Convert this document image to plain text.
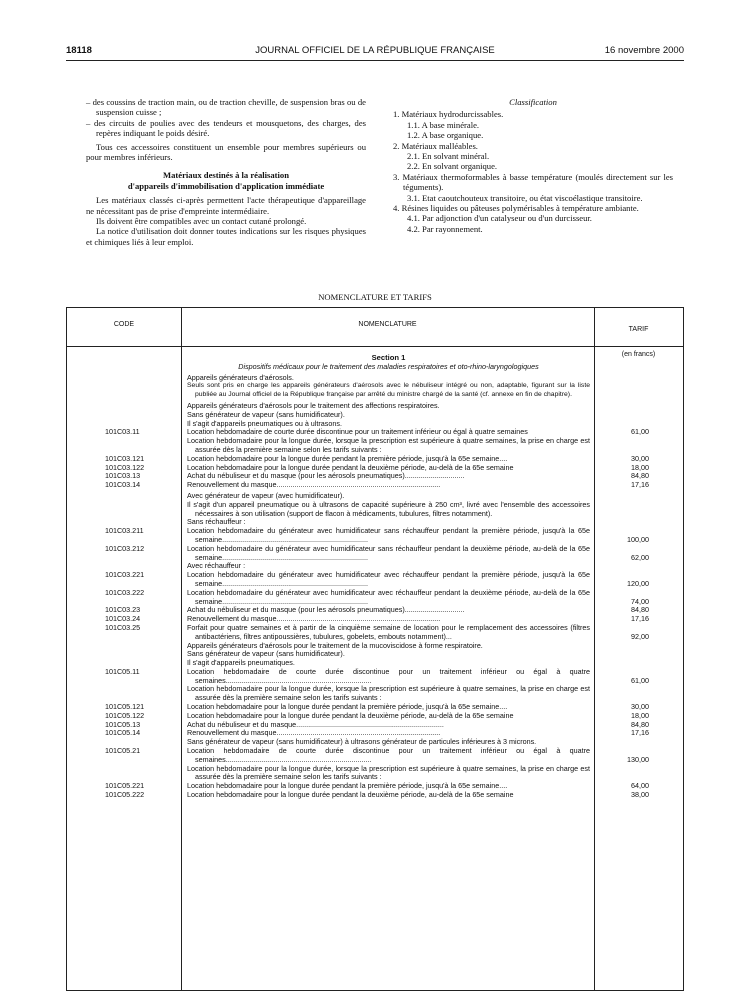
18118	JOURNAL OFFICIEL DE LA RÉPUBLIQUE FRANÇAISE	16 novembre 2000

– des coussins de traction main, ou de traction cheville, de suspension bras ou de suspension cuisse ;

– des circuits de poulies avec des tendeurs et mousquetons, des charges, des repères indiquant le poids désiré.

Tous ces accessoires constituent un ensemble pour membres supérieurs ou pour membres inférieurs.

Matériaux destinés à la réalisation
d'appareils d'immobilisation d'application immédiate

Les matériaux classés ci-après permettent l'acte thérapeutique d'appareillage ne nécessitant pas de prise d'empreinte intermédiaire.

Ils doivent être compatibles avec un contact cutané prolongé.

La notice d'utilisation doit donner toutes indications sur les risques physiques et chimiques liés à leur emploi.

Classification

1. Matériaux hydrodurcissables.

1.1. A base minérale.

1.2. A base organique.

2. Matériaux malléables.

2.1. En solvant minéral.

2.2. En solvant organique.

3. Matériaux thermoformables à basse température (moulés directement sur les téguments).

3.1. Etat caoutchouteux transitoire, ou état viscoélastique transitoire.

4. Résines liquides ou pâteuses polymérisables à température ambiante.

4.1. Par adjonction d'un catalyseur ou d'un durcisseur.

4.2. Par rayonnement.

NOMENCLATURE ET TARIFS
CODE	NOMENCLATURE
TARIF

(en francs)
Section 1
Dispositifs médicaux pour le traitement des maladies respiratoires et oto-rhino-laryngologiques
Appareils générateurs d'aérosols.
Seuls sont pris en charge les appareils générateurs d'aérosols avec le nébuliseur intégré ou non, adaptable, figurant sur la liste publiée au Journal officiel de la République française par arrêté du ministre chargé de la santé (cf. annexe en fin de chapitre).
Appareils générateurs d'aérosols pour le traitement des affections respiratoires.
Sans générateur de vapeur (sans humidificateur).
Il s'agit d'appareils pneumatiques ou à ultrasons.
101C03.11	Location hebdomadaire de courte durée discontinue pour un traitement inférieur ou égal à quatre semaines	61,00
Location hebdomadaire pour la longue durée, lorsque la prescription est supérieure à quatre semaines, la prise en charge est assurée dès la première semaine selon les tarifs suivants :
101C03.121	Location hebdomadaire pour la longue durée pendant la première période, jusqu'à la 65e semaine....	30,00
101C03.122	Location hebdomadaire pour la longue durée pendant la deuxième période, au-delà de la 65e semaine	18,00
101C03.13	Achat du nébuliseur et du masque (pour les aérosols pneumatiques)..............................	84,80
101C03.14	Renouvellement du masque..................................................................................	17,16
Avec générateur de vapeur (avec humidificateur).
Il s'agit d'un appareil pneumatique ou à ultrasons de capacité supérieure à 250 cm³, livré avec l'ensemble des accessoires nécessaires à son utilisation (support de flacon à médicaments, tubulures, filtres notamment).
Sans réchauffeur :
101C03.211	Location hebdomadaire du générateur avec humidificateur sans réchauffeur pendant la première période, jusqu'à la 65e semaine.........................................................................	100,00
101C03.212	Location hebdomadaire du générateur avec humidificateur sans réchauffeur pendant la deuxième période, au-delà de la 65e semaine.........................................................................	62,00
Avec réchauffeur :
101C03.221	Location hebdomadaire du générateur avec humidificateur avec réchauffeur pendant la première période, jusqu'à la 65e semaine.........................................................................	120,00
101C03.222	Location hebdomadaire du générateur avec humidificateur avec réchauffeur pendant la deuxième période, au-delà de la 65e semaine.........................................................................	74,00
101C03.23	Achat du nébuliseur et du masque (pour les aérosols pneumatiques)..............................	84,80
101C03.24	Renouvellement du masque..................................................................................	17,16
101C03.25	Forfait pour quatre semaines et à partir de la cinquième semaine de location pour le remplacement des accessoires (filtres antibactériens, filtres antipoussières, tubulures, gobelets, embouts notamment)...	92,00
Appareils générateurs d'aérosols pour le traitement de la mucoviscidose à forme respiratoire.
Sans générateur de vapeur (sans humidificateur).
Il s'agit d'appareils pneumatiques.
101C05.11	Location hebdomadaire de courte durée discontinue pour un traitement inférieur ou égal à quatre semaines.........................................................................	61,00
Location hebdomadaire pour la longue durée, lorsque la prescription est supérieure à quatre semaines, la prise en charge est assurée dès la première semaine selon les tarifs suivants :
101C05.121	Location hebdomadaire pour la longue durée pendant la première période, jusqu'à la 65e semaine....	30,00
101C05.122	Location hebdomadaire pour la longue durée pendant la deuxième période, au-delà de la 65e semaine	18,00
101C05.13	Achat du nébuliseur et du masque..........................................................................	84,80
101C05.14	Renouvellement du masque..................................................................................	17,16
Sans générateur de vapeur (sans humidificateur) à ultrasons générateur de particules inférieures à 3 microns.
101C05.21	Location hebdomadaire de courte durée discontinue pour un traitement inférieur ou égal à quatre semaines.........................................................................	130,00
Location hebdomadaire pour la longue durée, lorsque la prescription est supérieure à quatre semaines, la prise en charge est assurée dès la première semaine selon les tarifs suivants :
101C05.221	Location hebdomadaire pour la longue durée pendant la première période, jusqu'à la 65e semaine....	64,00
101C05.222	Location hebdomadaire pour la longue durée pendant la deuxième période, au-delà de la 65e semaine	38,00
